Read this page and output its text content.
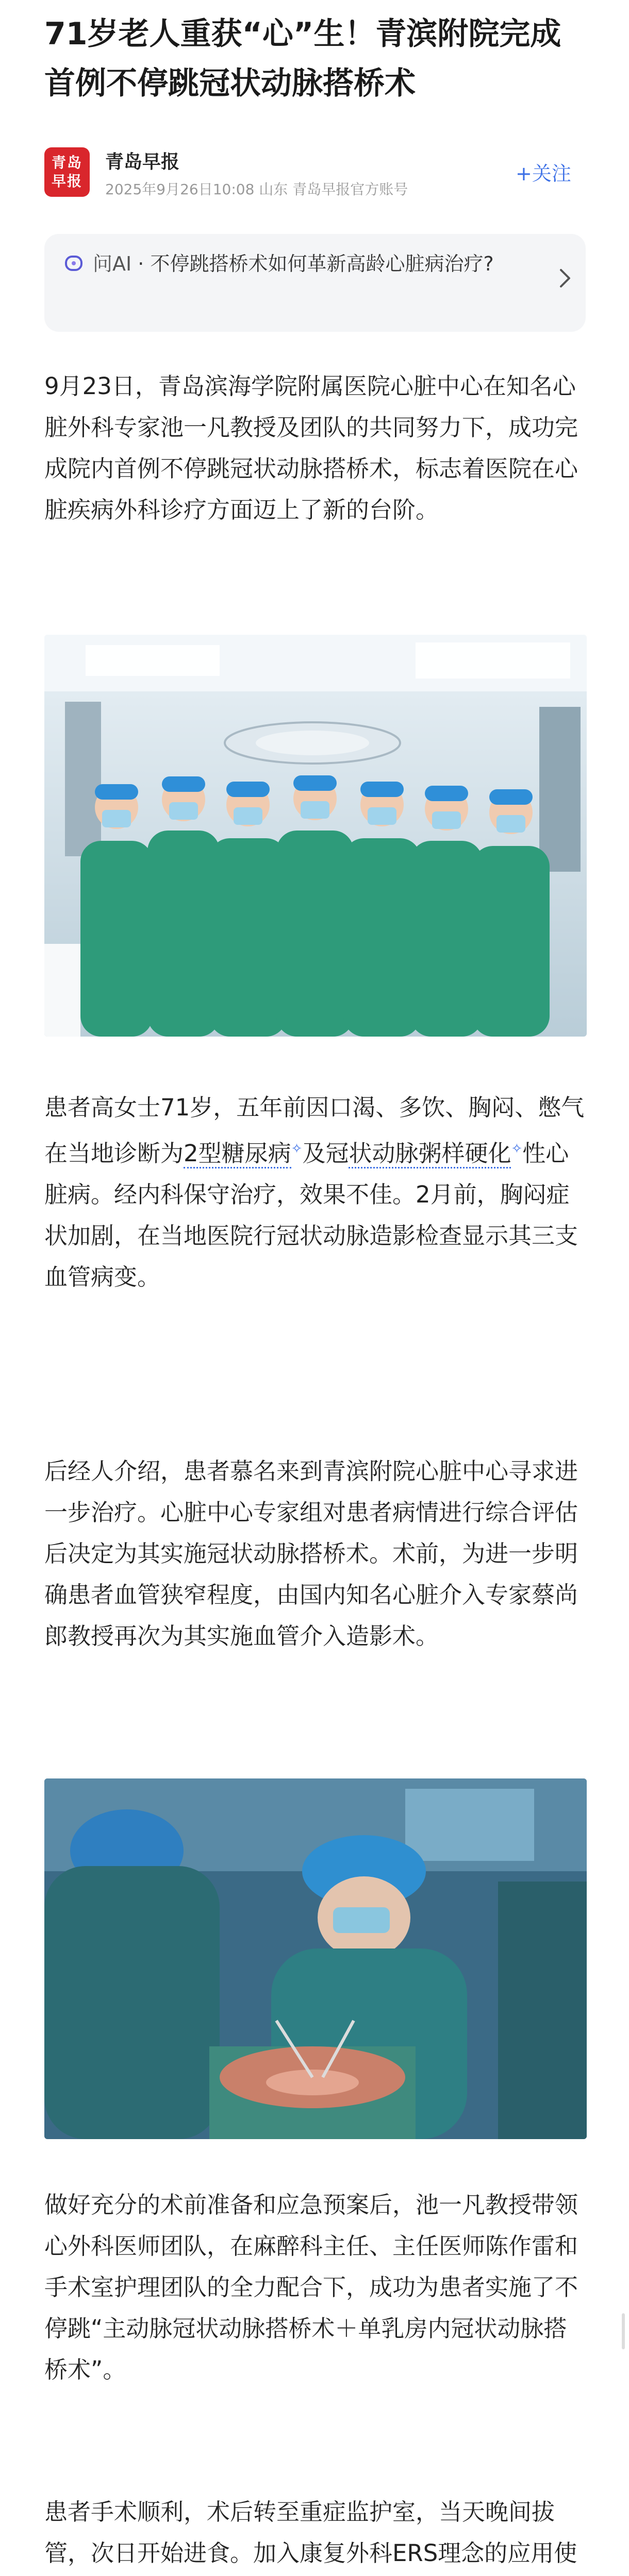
71岁老人重获“心”生！青滨附院完成首例不停跳冠状动脉搭桥术
青岛
早报
青岛早报
2025年9月26日10:08 山东 青岛早报官方账号
+关注
问AI · 不停跳搭桥术如何革新高龄心脏病治疗?

9月23日，青岛滨海学院附属医院心脏中心在知名心脏外科专家池一凡教授及团队的共同努力下，成功完成院内首例不停跳冠状动脉搭桥术，标志着医院在心脏疾病外科诊疗方面迈上了新的台阶。

患者高女士71岁，五年前因口渴、多饮、胸闷、憋气在当地诊断为2型糖尿病✧及冠状动脉粥样硬化✧性心脏病。经内科保守治疗，效果不佳。2月前，胸闷症状加剧，在当地医院行冠状动脉造影检查显示其三支血管病变。

后经人介绍，患者慕名来到青滨附院心脏中心寻求进一步治疗。心脏中心专家组对患者病情进行综合评估后决定为其实施冠状动脉搭桥术。术前，为进一步明确患者血管狭窄程度，由国内知名心脏介入专家蔡尚郎教授再次为其实施血管介入造影术。

做好充分的术前准备和应急预案后，池一凡教授带领心外科医师团队，在麻醉科主任、主任医师陈作雷和手术室护理团队的全力配合下，成功为患者实施了不停跳“主动脉冠状动脉搭桥术＋单乳房内冠状动脉搭桥术”。

患者手术顺利，术后转至重症监护室，当天晚间拔管，次日开始进食。加入康复外科ERS理念的应用使
